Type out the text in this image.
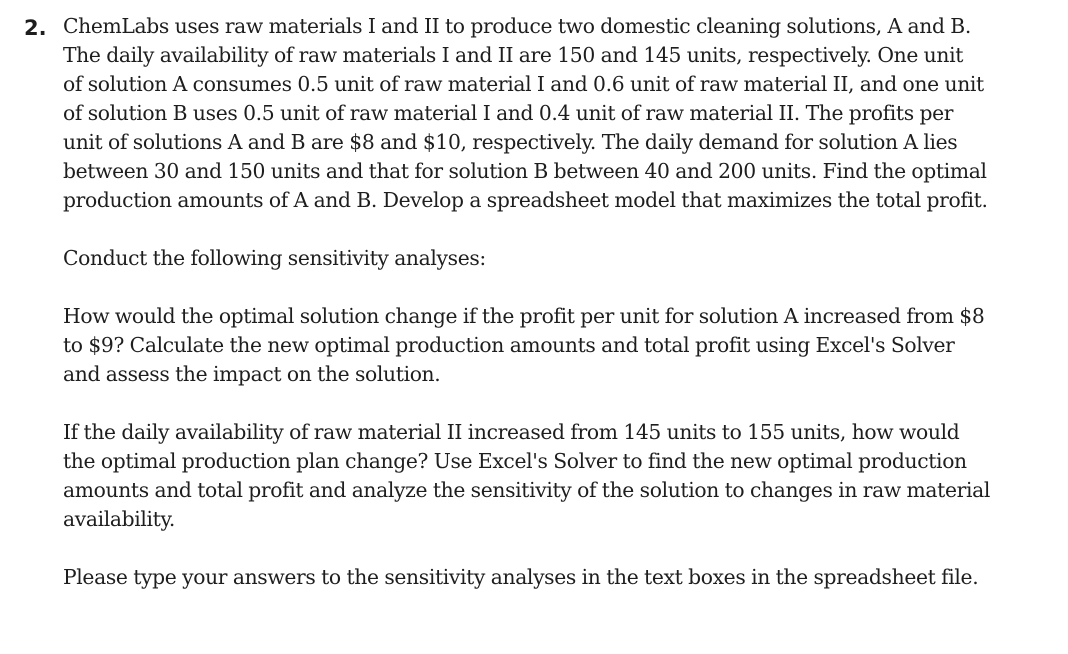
2. ChemLabs uses raw materials I and II to produce two domestic cleaning solutions, A and B.
The daily availability of raw materials I and II are 150 and 145 units, respectively. One unit
of solution A consumes 0.5 unit of raw material I and 0.6 unit of raw material II, and one unit
of solution B uses 0.5 unit of raw material I and 0.4 unit of raw material II. The profits per
unit of solutions A and B are $8 and $10, respectively. The daily demand for solution A lies
between 30 and 150 units and that for solution B between 40 and 200 units. Find the optimal
production amounts of A and B. Develop a spreadsheet model that maximizes the total profit.

Conduct the following sensitivity analyses:

How would the optimal solution change if the profit per unit for solution A increased from $8
to $9? Calculate the new optimal production amounts and total profit using Excel's Solver
and assess the impact on the solution.

If the daily availability of raw material II increased from 145 units to 155 units, how would
the optimal production plan change? Use Excel's Solver to find the new optimal production
amounts and total profit and analyze the sensitivity of the solution to changes in raw material
availability.

Please type your answers to the sensitivity analyses in the text boxes in the spreadsheet file.
